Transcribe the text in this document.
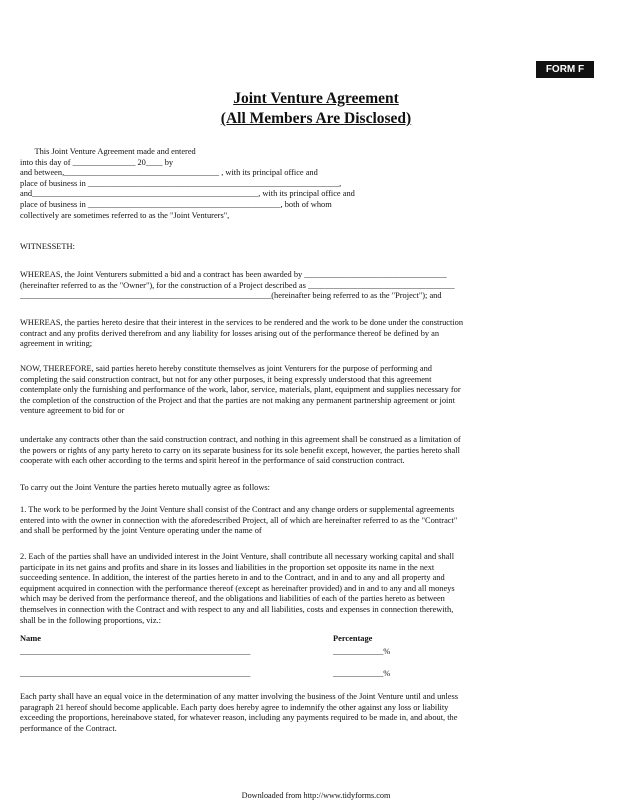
FORM F
Joint Venture Agreement
(All Members Are Disclosed)
This Joint Venture Agreement made and entered
into this day of _______________ 20____ by
and between,_____________________________________ , with its principal office and
place of business in ____________________________________________________________,
and______________________________________________________, with its principal office and
place of business in ______________________________________________, both of whom
collectively are sometimes referred to as the "Joint Venturers",
WITNESSETH:
WHEREAS, the Joint Venturers submitted a bid and a contract has been awarded by __________________________________
(hereinafter referred to as the "Owner"), for the construction of a Project described as ___________________________________
____________________________________________________________(hereinafter being referred to as the "Project"); and
WHEREAS, the parties hereto desire that their interest in the services to be rendered and the work to be done under the construction
contract and any profits derived therefrom and any liability for losses arising out of the performance thereof be defined by an
agreement in writing;
NOW, THEREFORE, said parties hereto hereby constitute themselves as joint Venturers for the purpose of performing and
completing the said construction contract, but not for any other purposes, it being expressly understood that this agreement
contemplate only the furnishing and performance of the work, labor, service, materials, plant, equipment and supplies necessary for
the completion of the construction of the Project and that the parties are not making any permanent partnership agreement or joint
venture agreement to bid for or
undertake any contracts other than the said construction contract, and nothing in this agreement shall be construed as a limitation of
the powers or rights of any party hereto to carry on its separate business for its sole benefit except, however, the parties hereto shall
cooperate with each other according to the terms and spirit hereof in the performance of said construction contract.
To carry out the Joint Venture the parties hereto mutually agree as follows:
1. The work to be performed by the Joint Venture shall consist of the Contract and any change orders or supplemental agreements
entered into with the owner in connection with the aforedescribed Project, all of which are hereinafter referred to as the "Contract"
and shall be performed by the joint Venture operating under the name of
2. Each of the parties shall have an undivided interest in the Joint Venture, shall contribute all necessary working capital and shall
participate in its net gains and profits and share in its losses and liabilities in the proportion set opposite its name in the next
succeeding sentence. In addition, the interest of the parties hereto in and to the Contract, and in and to any and all property and
equipment acquired in connection with the performance thereof (except as hereinafter provided) and in and to any and all moneys
which may be derived from the performance thereof, and the obligations and liabilities of each of the parties hereto as between
themselves in connection with the Contract and with respect to any and all liabilities, costs and expenses in connection therewith,
shall be in the following proportions, viz.:
Name	Percentage
_______________________________________________________	____________%
_______________________________________________________	____________%
Each party shall have an equal voice in the determination of any matter involving the business of the Joint Venture until and unless
paragraph 21 hereof should become applicable. Each party does hereby agree to indemnify the other against any loss or liability
exceeding the proportions, hereinabove stated, for whatever reason, including any payments required to be made in, and about, the
performance of the Contract.
Downloaded from http://www.tidyforms.com
